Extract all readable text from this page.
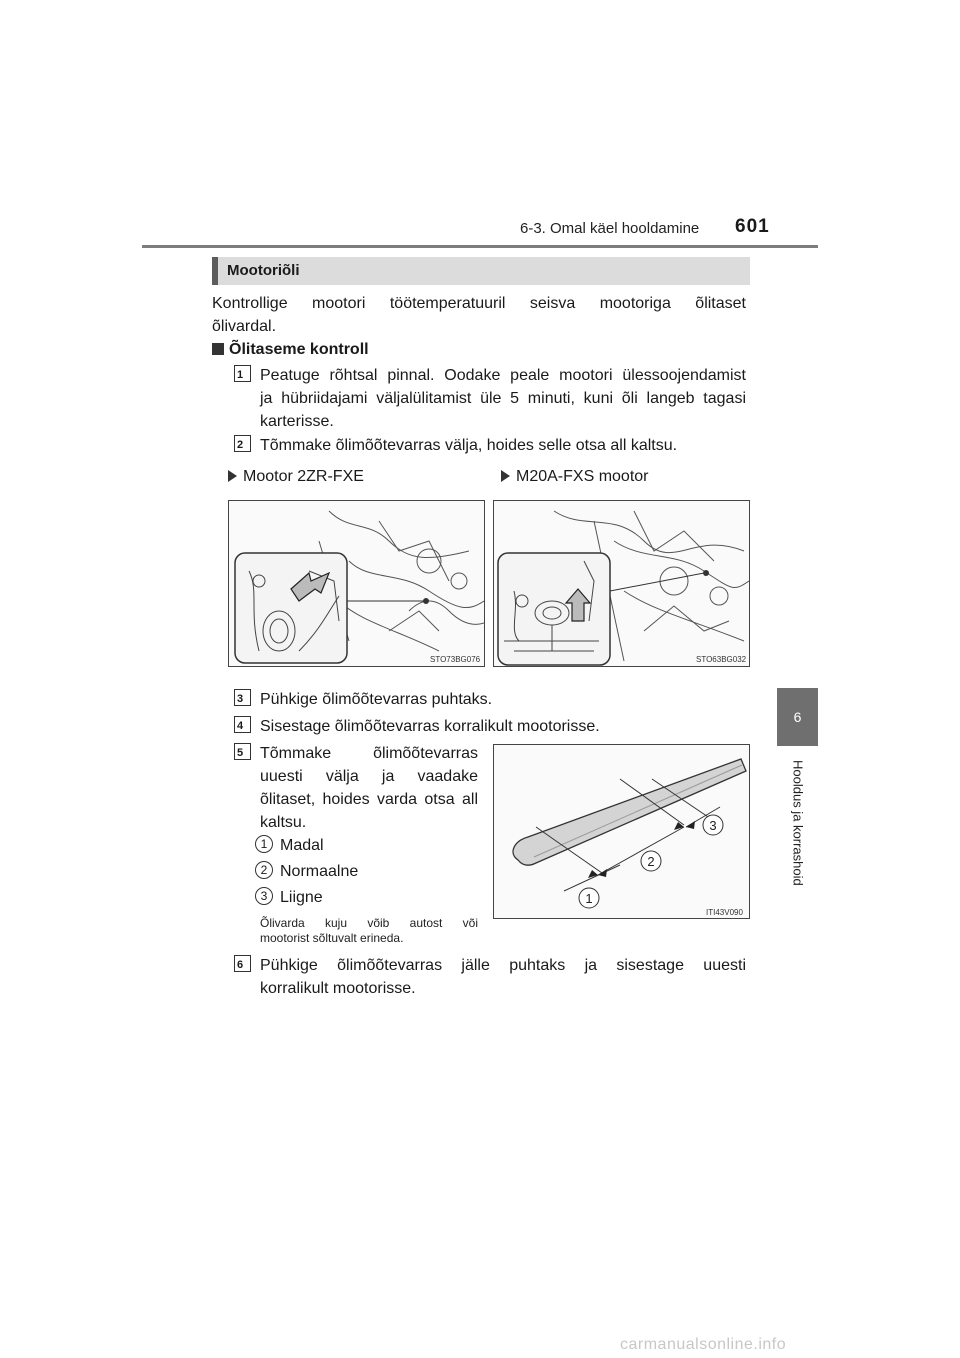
6-3. Omal käel hooldamine 601
6
Hooldus ja korrashoid
Mootoriõli
Kontrollige mootori töötemperatuuril seisva mootoriga õlitaset
õlivardal.
Õlitaseme kontroll
1 Peatuge rõhtsal pinnal. Oodake peale mootori ülessoojendamist
ja hübriidajami väljalülitamist üle 5 minuti, kuni õli langeb tagasi
karterisse.
2 Tõmmake õlimõõtevarras välja, hoides selle otsa all kaltsu.
Mootor 2ZR-FXE	M20A-FXS mootor
STO73BG076	STO63BG032
3 Pühkige õlimõõtevarras puhtaks.
4 Sisestage õlimõõtevarras korralikult mootorisse.
5 Tõmmake õlimõõtevarras
uuesti välja ja vaadake
õlitaset, hoides varda otsa all
kaltsu.
1 Madal
2 Normaalne
3 Liigne
Õlivarda kuju võib autost või
mootorist sõltuvalt erineda.
1
2
3
ITI43V090
6 Pühkige õlimõõtevarras jälle puhtaks ja sisestage uuesti
korralikult mootorisse.
carmanualsonline.info
